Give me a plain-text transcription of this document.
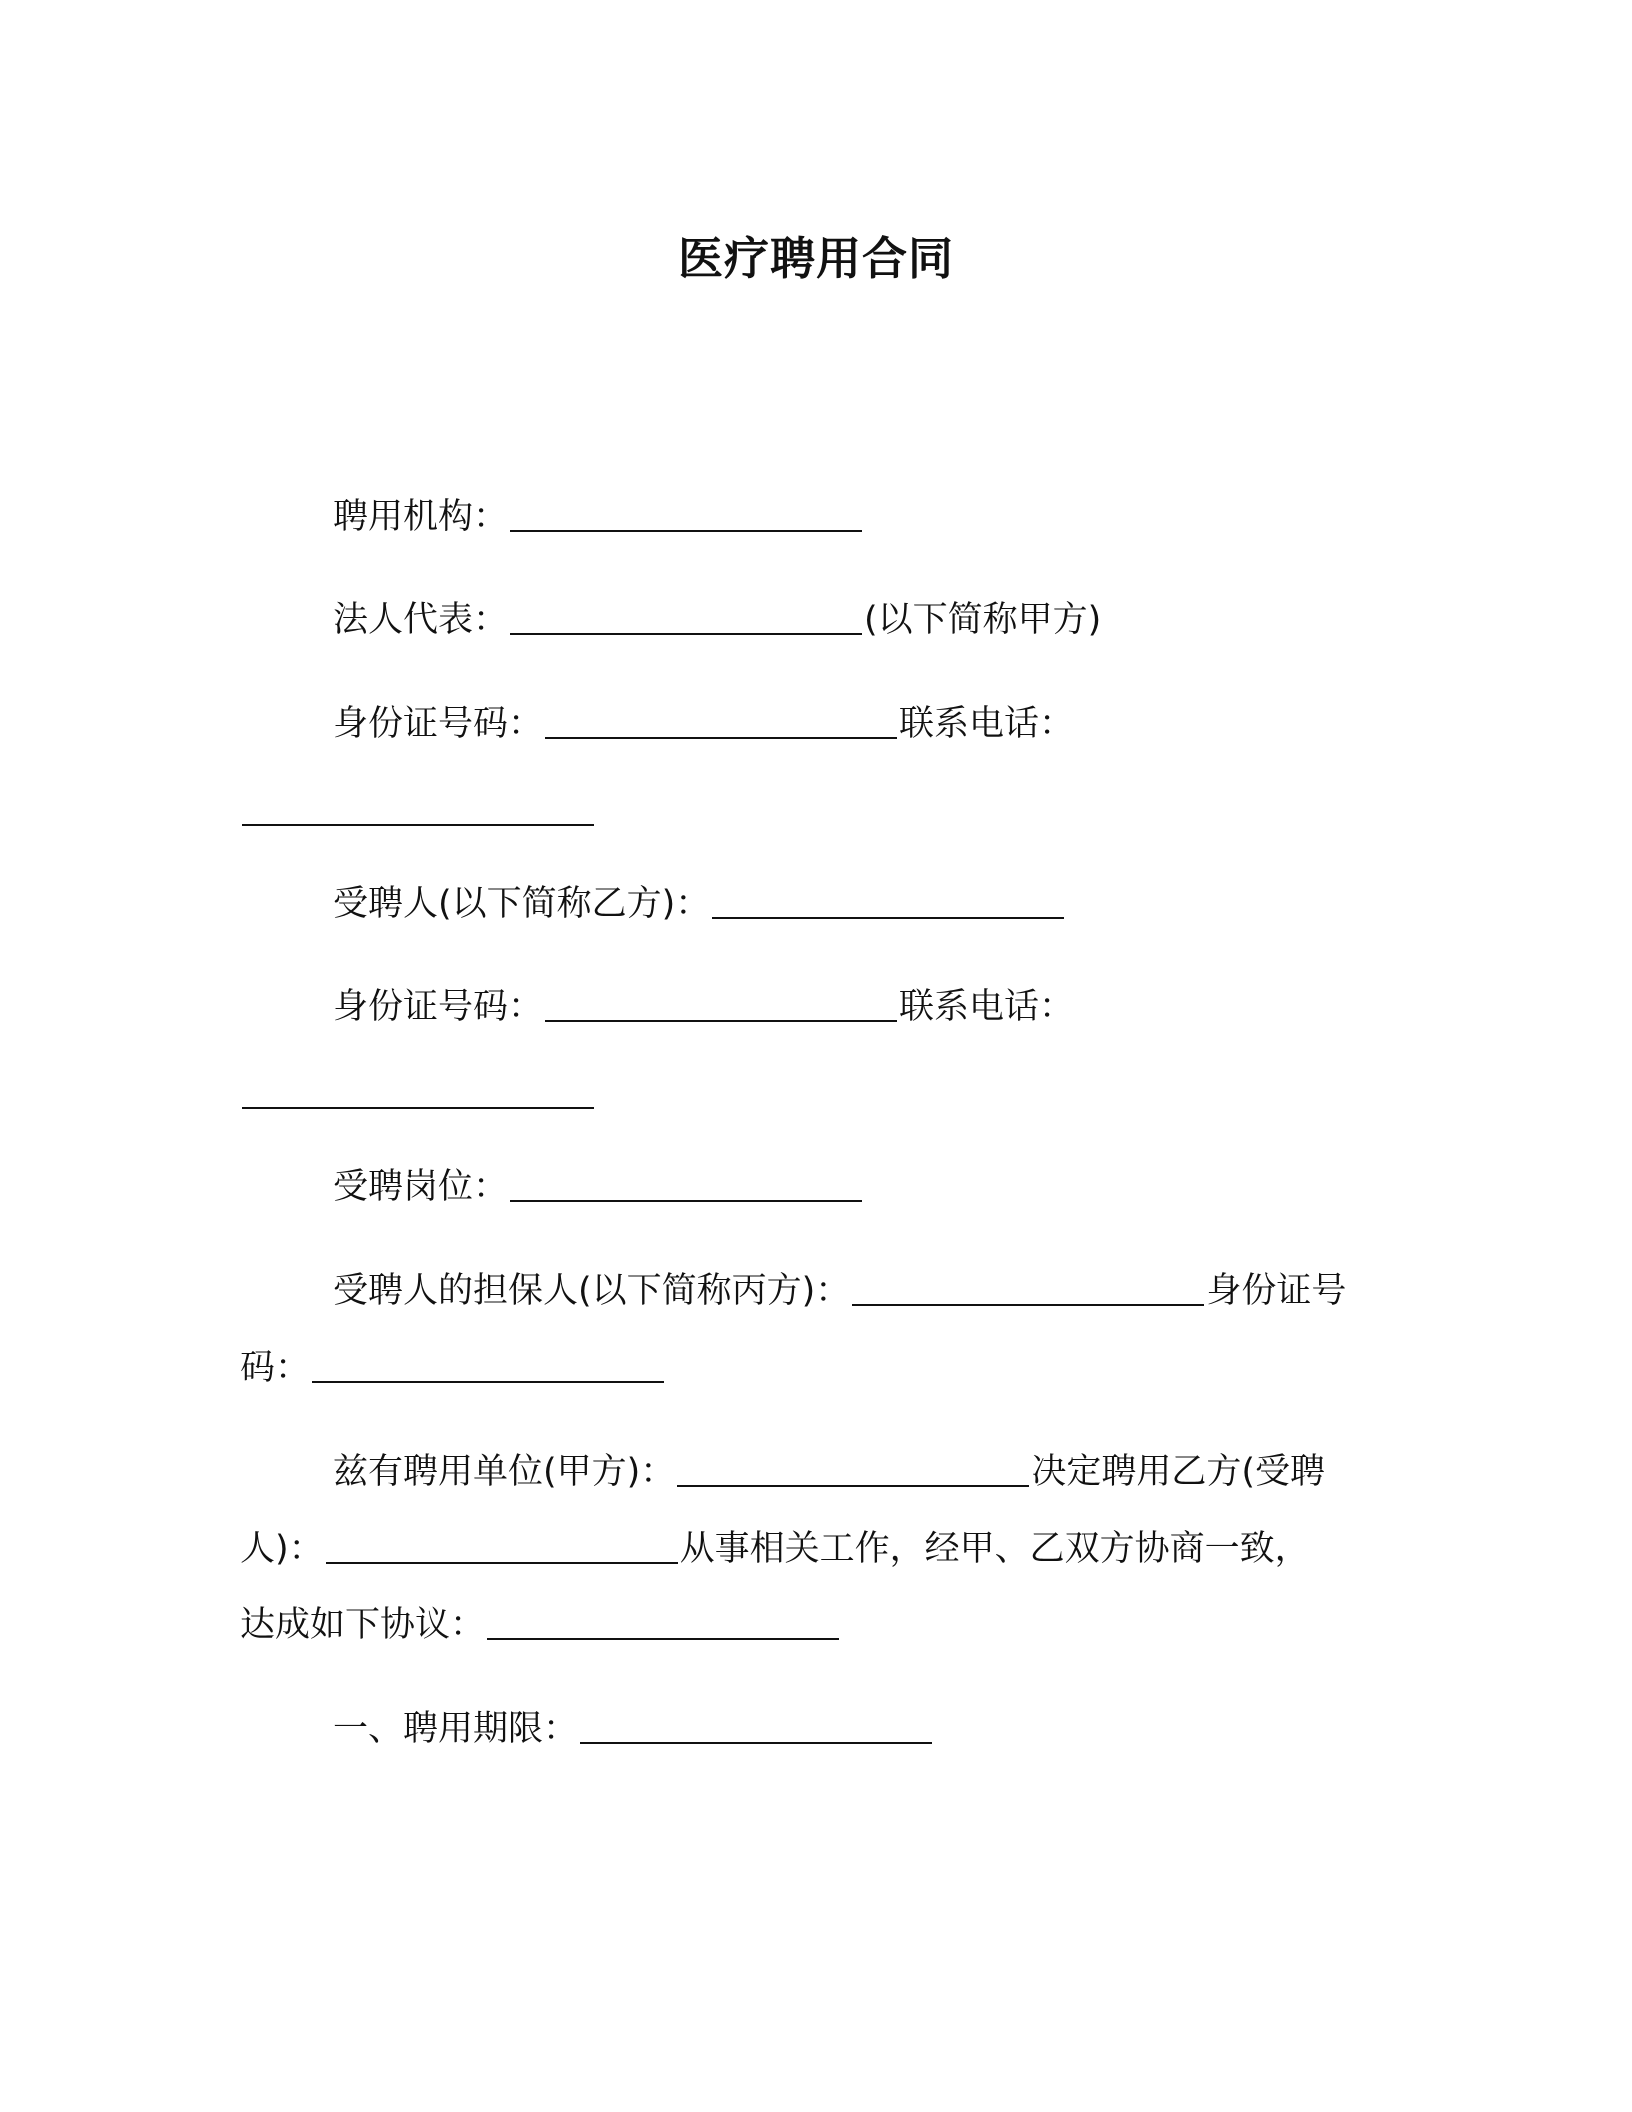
医疗聘用合同
聘用机构：
法人代表：	(以下简称甲方)
身份证号码：	联系电话：
受聘人(以下简称乙方)：
身份证号码：	联系电话：
受聘岗位：
受聘人的担保人(以下简称丙方)：	身份证号
码：
兹有聘用单位(甲方)：	决定聘用乙方(受聘
人)：	从事相关工作，经甲、乙双方协商一致，
达成如下协议：
一、聘用期限：
